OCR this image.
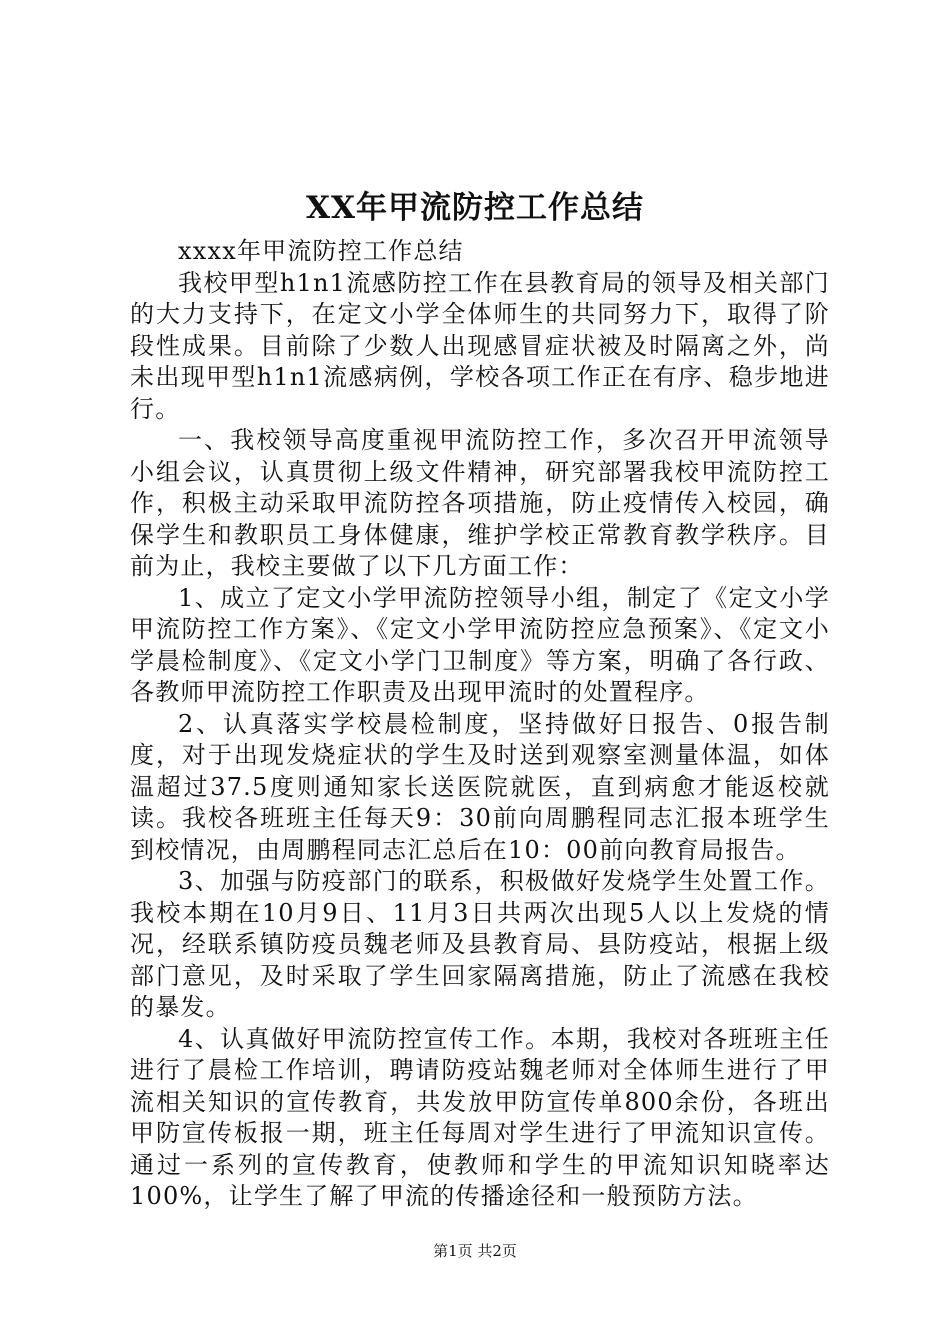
XX年甲流防控工作总结

xxxx年甲流防控工作总结

我校甲型h1n1流感防控工作在县教育局的领导及相关部门的大力支持下，在定文小学全体师生的共同努力下，取得了阶段性成果。目前除了少数人出现感冒症状被及时隔离之外，尚未出现甲型h1n1流感病例，学校各项工作正在有序、稳步地进行。

一、我校领导高度重视甲流防控工作，多次召开甲流领导小组会议，认真贯彻上级文件精神，研究部署我校甲流防控工作，积极主动采取甲流防控各项措施，防止疫情传入校园，确保学生和教职员工身体健康，维护学校正常教育教学秩序。目前为止，我校主要做了以下几方面工作：

1、成立了定文小学甲流防控领导小组，制定了《定文小学甲流防控工作方案》、《定文小学甲流防控应急预案》、《定文小学晨检制度》、《定文小学门卫制度》等方案，明确了各行政、各教师甲流防控工作职责及出现甲流时的处置程序。

2、认真落实学校晨检制度，坚持做好日报告、0报告制度，对于出现发烧症状的学生及时送到观察室测量体温，如体温超过37.5度则通知家长送医院就医，直到病愈才能返校就读。我校各班班主任每天9：30前向周鹏程同志汇报本班学生到校情况，由周鹏程同志汇总后在10：00前向教育局报告。

3、加强与防疫部门的联系，积极做好发烧学生处置工作。我校本期在10月9日、11月3日共两次出现5人以上发烧的情况，经联系镇防疫员魏老师及县教育局、县防疫站，根据上级部门意见，及时采取了学生回家隔离措施，防止了流感在我校的暴发。

4、认真做好甲流防控宣传工作。本期，我校对各班班主任进行了晨检工作培训，聘请防疫站魏老师对全体师生进行了甲流相关知识的宣传教育，共发放甲防宣传单800余份，各班出甲防宣传板报一期，班主任每周对学生进行了甲流知识宣传。通过一系列的宣传教育，使教师和学生的甲流知识知晓率达100%，让学生了解了甲流的传播途径和一般预防方法。

第1页 共2页
